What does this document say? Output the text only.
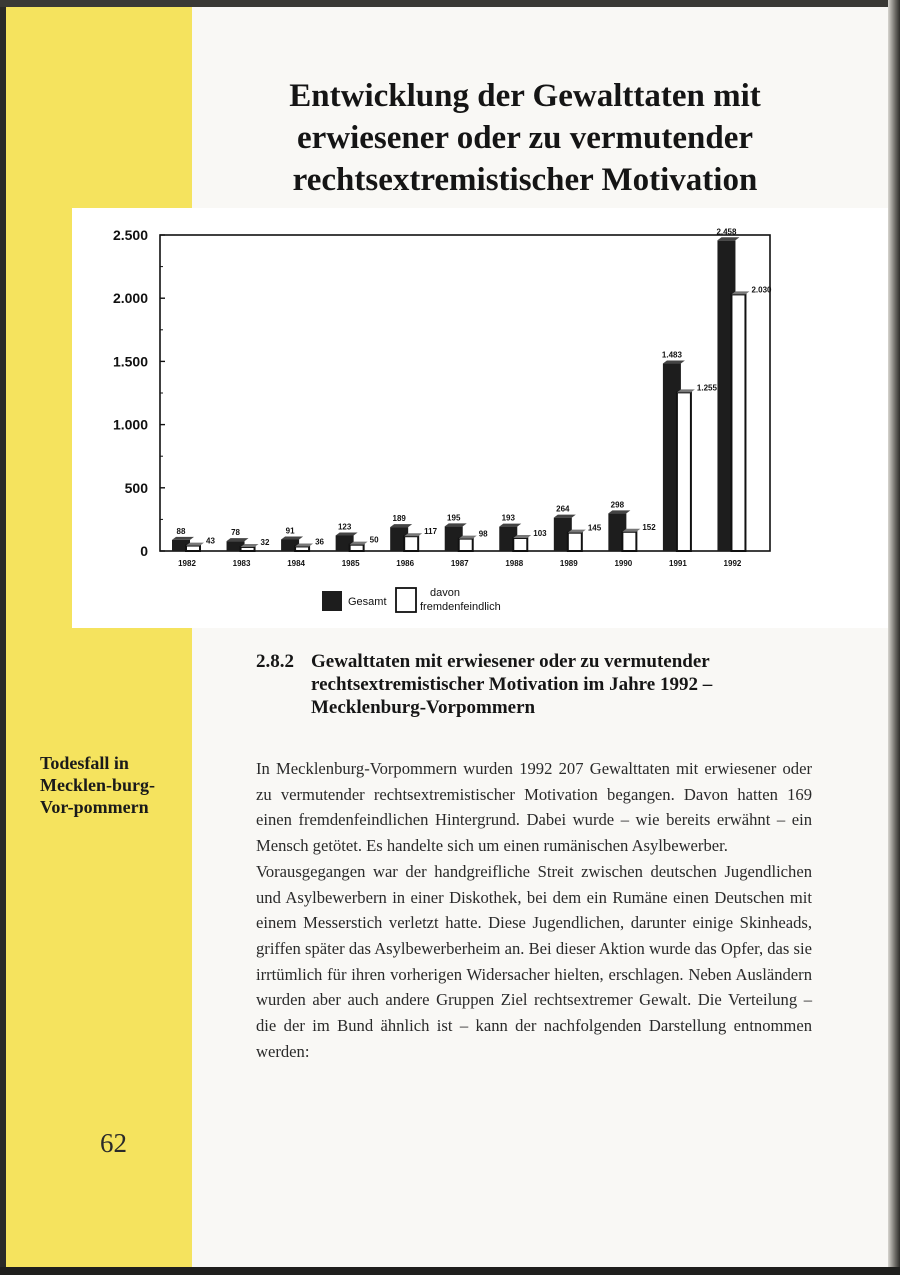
Entwicklung der Gewalttaten mit erwiesener oder zu vermutender rechtsextremistischer Motivation
2.500
2.000
1.500
1.000
500
0
88
43
1982
78
32
1983
91
36
1984
123
50
1985
189
117
1986
195
98
1987
193
103
1988
264
145
1989
298
152
1990
1.483
1.255
1991
2.458
2.030
1992
Gesamt
davon
fremdenfeindlich
2.8.2 Gewalttaten mit erwiesener oder zu vermutender
rechtsextremistischer Motivation im Jahre 1992 –
Mecklenburg-Vorpommern
Todesfall in Mecklen-burg-Vor-pommern

In Mecklenburg-Vorpommern wurden 1992 207 Gewalttaten mit erwiesener oder zu vermutender rechtsextremistischer Motivation begangen. Davon hatten 169 einen fremdenfeindlichen Hintergrund. Dabei wurde – wie bereits erwähnt – ein Mensch getötet. Es handelte sich um einen rumänischen Asylbewerber.

Vorausgegangen war der handgreifliche Streit zwischen deutschen Jugendlichen und Asylbewerbern in einer Diskothek, bei dem ein Rumäne einen Deutschen mit einem Messerstich verletzt hatte. Diese Jugendlichen, darunter einige Skinheads, griffen später das Asylbewerberheim an. Bei dieser Aktion wurde das Opfer, das sie irrtümlich für ihren vorherigen Widersacher hielten, erschlagen. Neben Ausländern wurden aber auch andere Gruppen Ziel rechtsextremer Gewalt. Die Verteilung – die der im Bund ähnlich ist – kann der nachfolgenden Darstellung entnommen werden:

62
